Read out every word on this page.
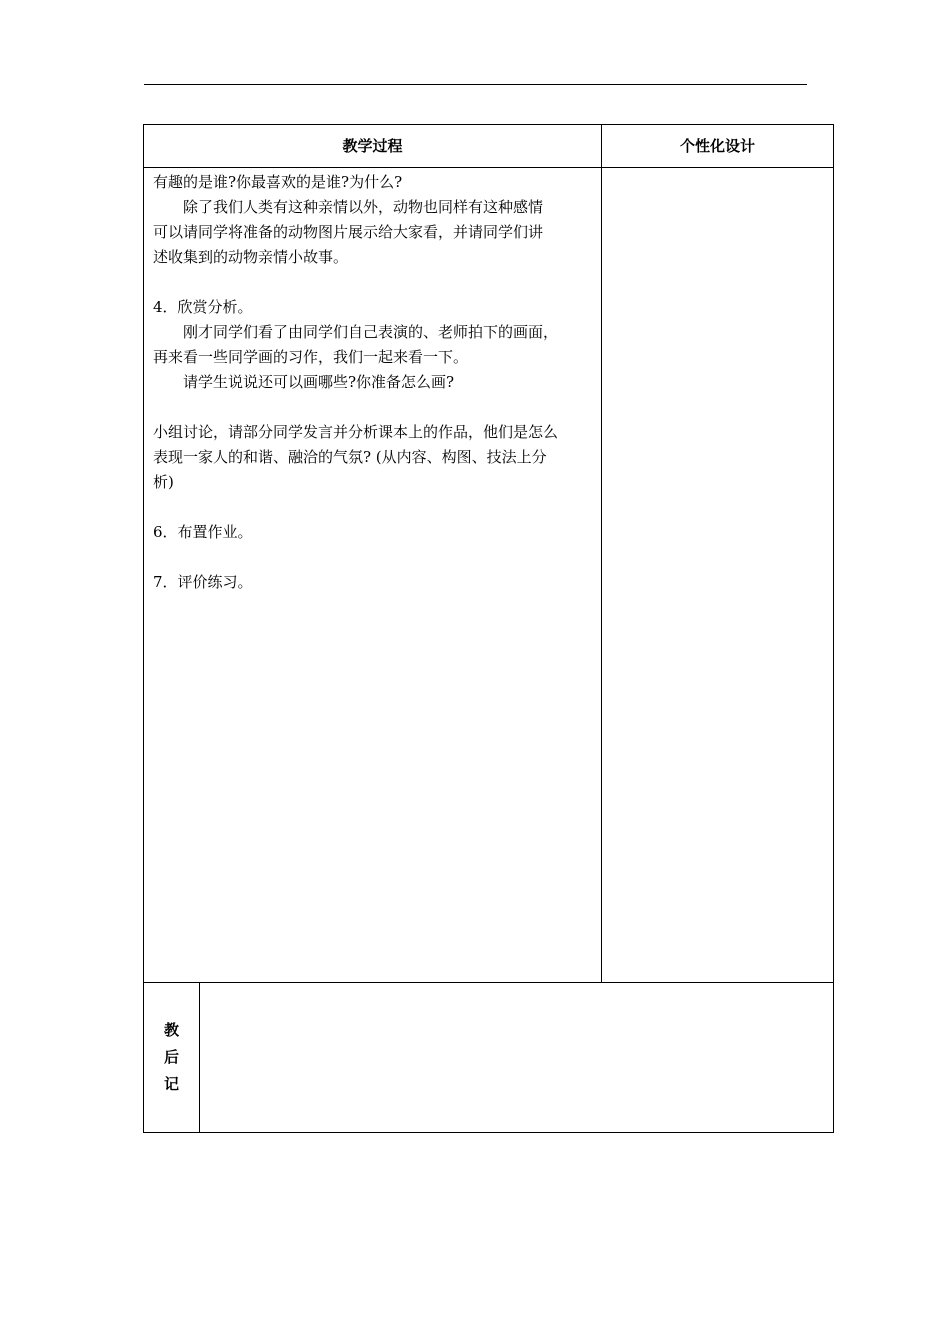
教学过程	个性化设计

有趣的是谁?你最喜欢的是谁?为什么?

除了我们人类有这种亲情以外，动物也同样有这种感情

可以请同学将准备的动物图片展示给大家看，并请同学们讲

述收集到的动物亲情小故事。

4．欣赏分析。

刚才同学们看了由同学们自己表演的、老师拍下的画面，

再来看一些同学画的习作，我们一起来看一下。

请学生说说还可以画哪些?你准备怎么画?

小组讨论，请部分同学发言并分析课本上的作品，他们是怎么

表现一家人的和谐、融洽的气氛? (从内容、构图、技法上分

析)

6．布置作业。

7．评价练习。

教后记
